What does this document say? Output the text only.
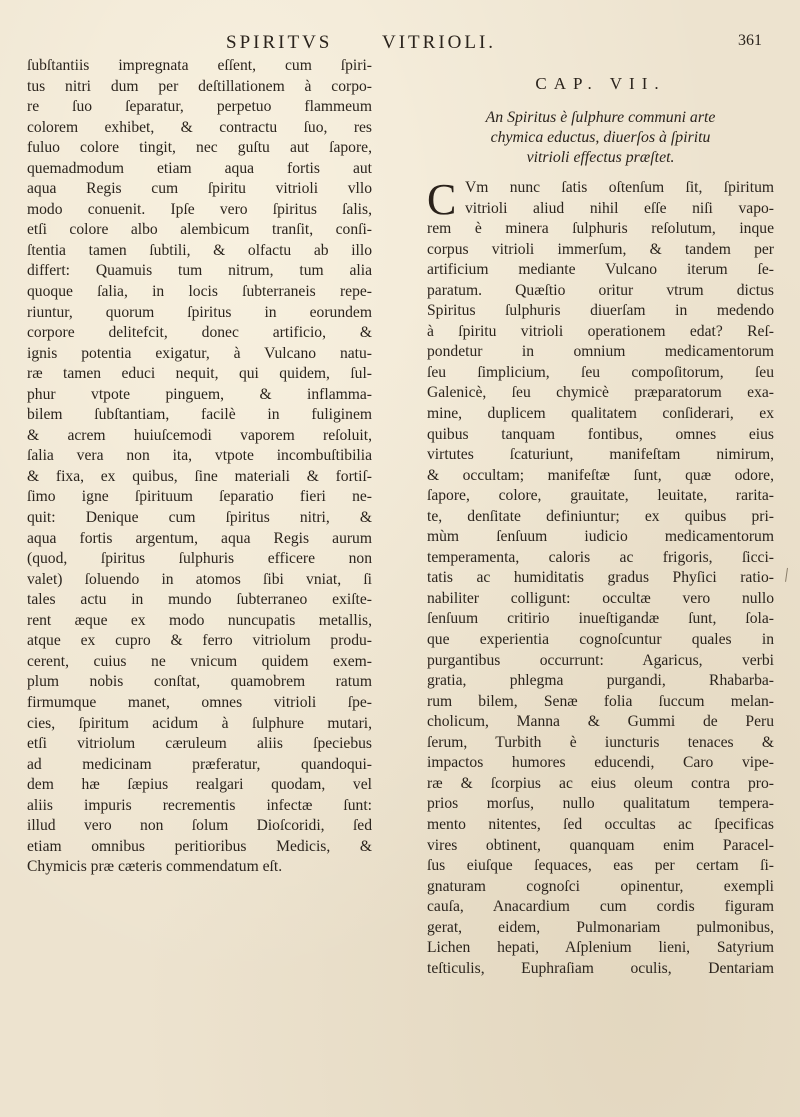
SPIRITVS	VITRIOLI.	361
ſubſtantiis impregnata eſſent, cum ſpiri-
tus nitri dum per deſtillationem à corpo-
re ſuo ſeparatur, perpetuo flammeum
colorem exhibet, & contractu ſuo, res
fuluo colore tingit, nec guſtu aut ſapore,
quemadmodum etiam aqua fortis aut
aqua Regis cum ſpiritu vitrioli vllo
modo conuenit. Ipſe vero ſpiritus ſalis,
etſi colore albo alembicum tranſit, conſi-
ſtentia tamen ſubtili, & olfactu ab illo
differt: Quamuis tum nitrum, tum alia
quoque ſalia, in locis ſubterraneis repe-
riuntur, quorum ſpiritus in eorundem
corpore delitefcit, donec artificio, &
ignis potentia exigatur, à Vulcano natu-
ræ tamen educi nequit, qui quidem, ſul-
phur vtpote pinguem, & inflamma-
bilem ſubſtantiam, facilè in fuliginem
& acrem huiuſcemodi vaporem reſoluit,
ſalia vera non ita, vtpote incombuſtibilia
& fixa, ex quibus, ſine materiali & fortiſ-
ſimo igne ſpirituum ſeparatio fieri ne-
quit: Denique cum ſpiritus nitri, &
aqua fortis argentum, aqua Regis aurum
(quod, ſpiritus ſulphuris efficere non
valet) ſoluendo in atomos ſibi vniat, ſi
tales actu in mundo ſubterraneo exiſte-
rent æque ex modo nuncupatis metallis,
atque ex cupro & ferro vitriolum produ-
cerent, cuius ne vnicum quidem exem-
plum nobis conſtat, quamobrem ratum
firmumque manet, omnes vitrioli ſpe-
cies, ſpiritum acidum à ſulphure mutari,
etſi vitriolum cæruleum aliis ſpeciebus
ad medicinam præferatur, quandoqui-
dem hæ ſæpius realgari quodam, vel
aliis impuris recrementis infectæ ſunt:
illud vero non ſolum Dioſcoridi, ſed
etiam omnibus peritioribus Medicis, &
Chymicis præ cæteris commendatum eſt.
CAP. VII.
An Spiritus è ſulphure communi arte
chymica eductus, diuerſos à ſpiritu
vitrioli effectus præſtet.
C Vm nunc ſatis oſtenſum ſit, ſpiritum
vitrioli aliud nihil eſſe niſi vapo-
rem è minera ſulphuris reſolutum, inque
corpus vitrioli immerſum, & tandem per
artificium mediante Vulcano iterum ſe-
paratum. Quæſtio oritur vtrum dictus
Spiritus ſulphuris diuerſam in medendo
à ſpiritu vitrioli operationem edat? Reſ-
pondetur in omnium medicamentorum
ſeu ſimplicium, ſeu compoſitorum, ſeu
Galenicè, ſeu chymicè præparatorum exa-
mine, duplicem qualitatem conſiderari, ex
quibus tanquam fontibus, omnes eius
virtutes ſcaturiunt, manifeſtam nimirum,
& occultam; manifeſtæ ſunt, quæ odore,
ſapore, colore, grauitate, leuitate, rarita-
te, denſitate definiuntur; ex quibus pri-
mùm ſenſuum iudicio medicamentorum
temperamenta, caloris ac frigoris, ſicci-
tatis ac humiditatis gradus Phyſici ratio-
nabiliter colligunt: occultæ vero nullo
ſenſuum critirio inueſtigandæ ſunt, ſola-
que experientia cognoſcuntur quales in
purgantibus occurrunt: Agaricus, verbi
gratia, phlegma purgandi, Rhabarba-
rum bilem, Senæ folia ſuccum melan-
cholicum, Manna & Gummi de Peru
ſerum, Turbith è iuncturis tenaces &
impactos humores educendi, Caro vipe-
ræ & ſcorpius ac eius oleum contra pro-
prios morſus, nullo qualitatum tempera-
mento nitentes, ſed occultas ac ſpecificas
vires obtinent, quanquam enim Paracel-
ſus eiuſque ſequaces, eas per certam ſi-
gnaturam cognoſci opinentur, exempli
cauſa, Anacardium cum cordis figuram
gerat, eidem, Pulmonariam pulmonibus,
Lichen hepati, Aſplenium lieni, Satyrium
teſticulis, Euphraſiam oculis, Dentariam
